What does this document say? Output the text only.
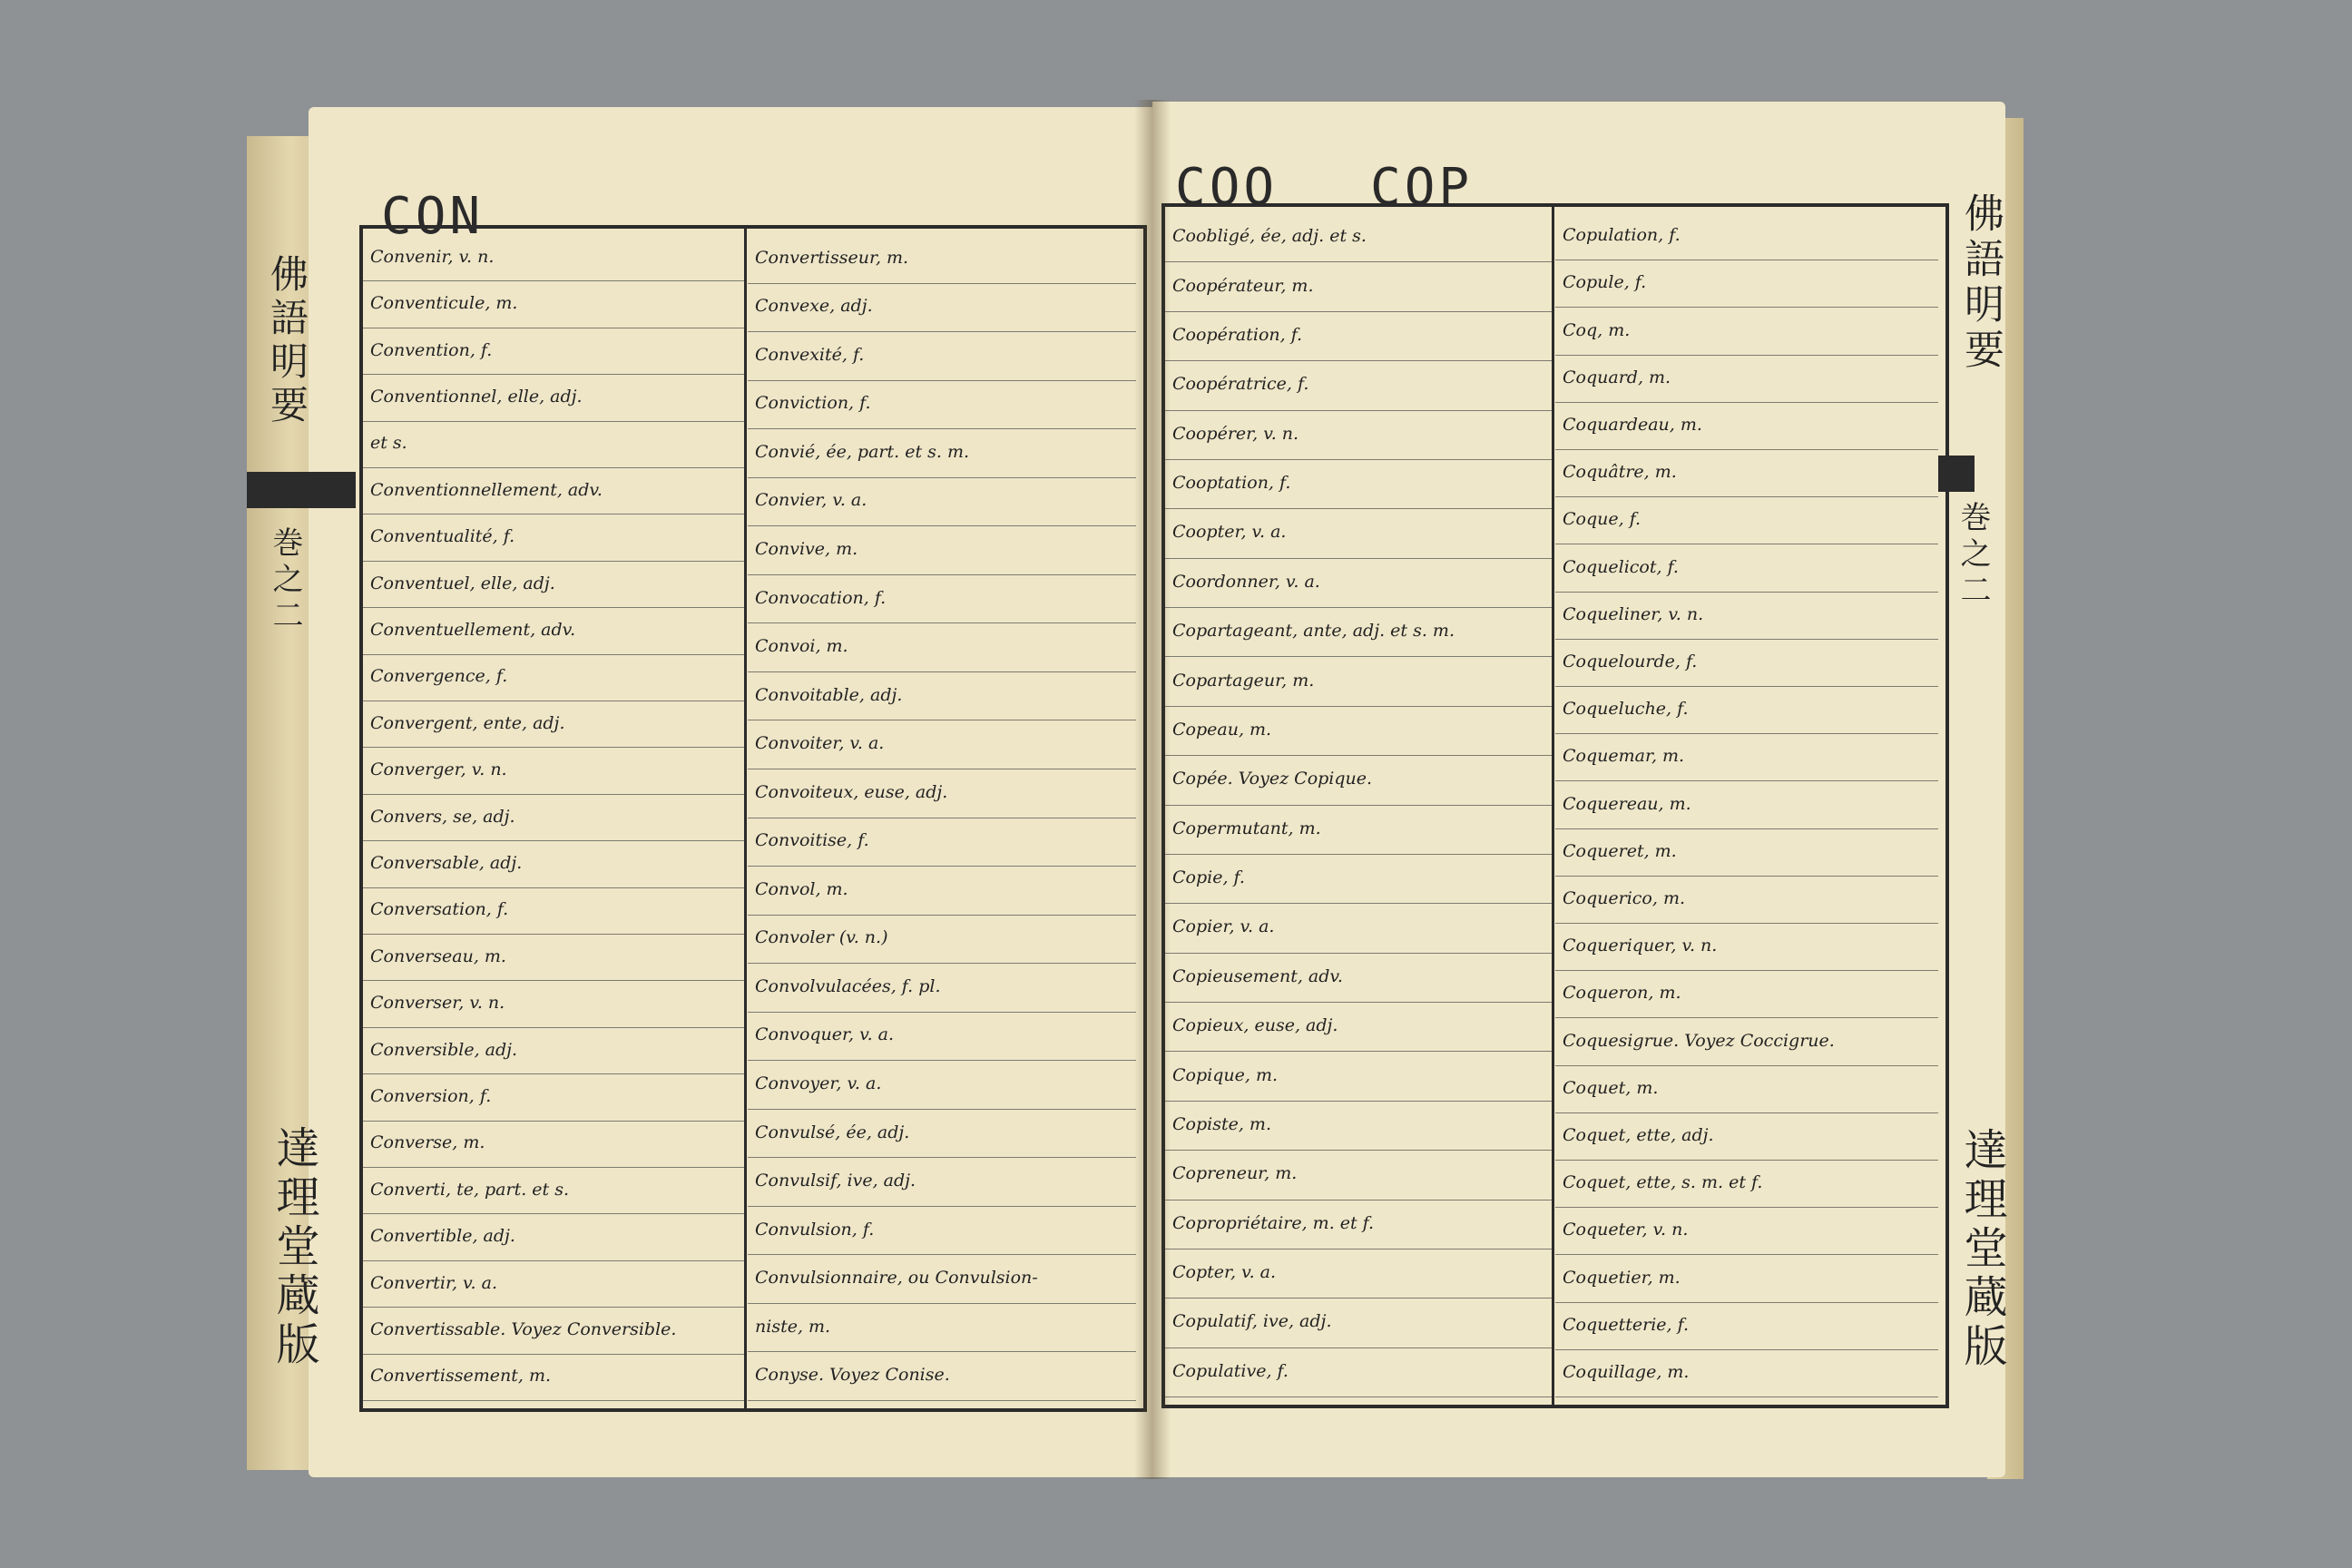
CON
Convenir, v. n.
Conventicule, m.
Convention, f.
Conventionnel, elle, adj.
et s.
Conventionnellement, adv.
Conventualité, f.
Conventuel, elle, adj.
Conventuellement, adv.
Convergence, f.
Convergent, ente, adj.
Converger, v. n.
Convers, se, adj.
Conversable, adj.
Conversation, f.
Converseau, m.
Converser, v. n.
Conversible, adj.
Conversion, f.
Converse, m.
Converti, te, part. et s.
Convertible, adj.
Convertir, v. a.
Convertissable. Voyez Conversible.
Convertissement, m.
Convertisseur, m.
Convexe, adj.
Convexité, f.
Conviction, f.
Convié, ée, part. et s. m.
Convier, v. a.
Convive, m.
Convocation, f.
Convoi, m.
Convoitable, adj.
Convoiter, v. a.
Convoiteux, euse, adj.
Convoitise, f.
Convol, m.
Convoler (v. n.)
Convolvulacées, f. pl.
Convoquer, v. a.
Convoyer, v. a.
Convulsé, ée, adj.
Convulsif, ive, adj.
Convulsion, f.
Convulsionnaire, ou Convulsion-
niste, m.
Conyse. Voyez Conise.
COO COP
Coobligé, ée, adj. et s.
Coopérateur, m.
Coopération, f.
Coopératrice, f.
Coopérer, v. n.
Cooptation, f.
Coopter, v. a.
Coordonner, v. a.
Copartageant, ante, adj. et s. m.
Copartageur, m.
Copeau, m.
Copée. Voyez Copique.
Copermutant, m.
Copie, f.
Copier, v. a.
Copieusement, adv.
Copieux, euse, adj.
Copique, m.
Copiste, m.
Copreneur, m.
Copropriétaire, m. et f.
Copter, v. a.
Copulatif, ive, adj.
Copulative, f.
Copulation, f.
Copule, f.
Coq, m.
Coquard, m.
Coquardeau, m.
Coquâtre, m.
Coque, f.
Coquelicot, f.
Coqueliner, v. n.
Coquelourde, f.
Coqueluche, f.
Coquemar, m.
Coquereau, m.
Coqueret, m.
Coquerico, m.
Coqueriquer, v. n.
Coqueron, m.
Coquesigrue. Voyez Coccigrue.
Coquet, m.
Coquet, ette, adj.
Coquet, ette, s. m. et f.
Coqueter, v. n.
Coquetier, m.
Coquetterie, f.
Coquillage, m.
佛語明要
巻之二
達理堂蔵版
佛語明要
巻之二
達理堂蔵版
